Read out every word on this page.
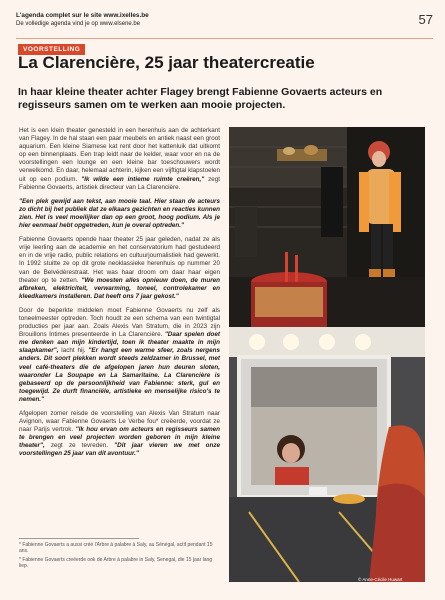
L'agenda complet sur le site www.ixelles.be
De volledige agenda vind je op www.elsene.be	57
VOORSTELLING
La Clarencière, 25 jaar theatercreatie
In haar kleine theater achter Flagey brengt Fabienne Govaerts acteurs en regisseurs samen om te werken aan mooie projecten.

Het is een klein theater genesteld in een herenhuis aan de achterkant van Flagey. In de hal staan een paar meubels en antiek naast een groot aquarium. Een kleine Siamese kat rent door het kattenluik dat uitkomt op een binnenplaats. Een trap leidt naar de kelder, waar voor en na de voorstellingen een lounge en een kleine bar toeschouwers wordt verwelkomd. En daar, helemaal achterin, kijken een vijftigtal klapstoelen uit op een podium. "Ik wilde een intieme ruimte creëren," zegt Fabienne Govaerts, artistiek directeur van La Clarencière.

"Een plek gewijd aan tekst, aan mooie taal. Hier staan de acteurs zo dicht bij het publiek dat ze elkaars gezichten en reacties kunnen zien. Het is veel moeilijker dan op een groot, hoog podium. Als je hier eenmaal hebt opgetreden, kun je overal optreden."

Fabienne Govaerts opende haar theater 25 jaar geleden, nadat ze als vrije leerling aan de academie en het conservatorium had gestudeerd en in de vrije radio, public relations en cultuurjournalistiek had gewerkt. In 1992 stuitte ze op dit grote neoklassieke herenhuis op nummer 20 van de Belvédèrestraat. Het was haar droom om daar haar eigen theater op te zetten. "We moesten alles opnieuw doen, de muren afbreken, elektriciteit, verwarming, toneel, controlekamer en kleedkamers installeren. Dat heeft ons 7 jaar gekost."

Door de beperkte middelen moet Fabienne Govaerts nu zelf als toneelmeester optreden. Toch houdt ze een schema van een twintigtal producties per jaar aan. Zoals Alexis Van Stratum, die in 2023 zijn Brouillons Intimes presenteerde in La Clarencière. "Daar spelen doet me denken aan mijn kindertijd, toen ik theater maakte in mijn slaapkamer", lacht hij. "Er hangt een warme sfeer, zoals nergens anders. Dit soort plekken wordt steeds zeldzamer in Brussel, met veel café-theaters die de afgelopen jaren hun deuren sloten, waaronder La Soupape en La Samaritaine. La Clarencière is gebaseerd op de persoonlijkheid van Fabienne: sterk, gul en toegewijd. Ze durft financiële, artistieke en menselijke risico's te nemen."

Afgelopen zomer reisde de voorstelling van Alexis Van Stratum naar Avignon, waar Fabienne Govaerts Le Verbe fou* creëerde, voordat ze naar Parijs vertrok. "Ik hou ervan om acteurs en regisseurs samen te brengen en veel projecten worden geboren in mijn kleine theater", zegt ze tevreden. "Dit jaar vieren we met onze voorstellingen 25 jaar van dit avontuur."

* Fabienne Govaerts a aussi créé l'Arbre à palabre à Saly, au Sénégal, actif pendant 15 ans.

* Fabienne Govaerts creëerde ook de Arbre à palabre in Saly, Senegal, die 15 jaar lang liep.

© Anne-Cécile Huwart
